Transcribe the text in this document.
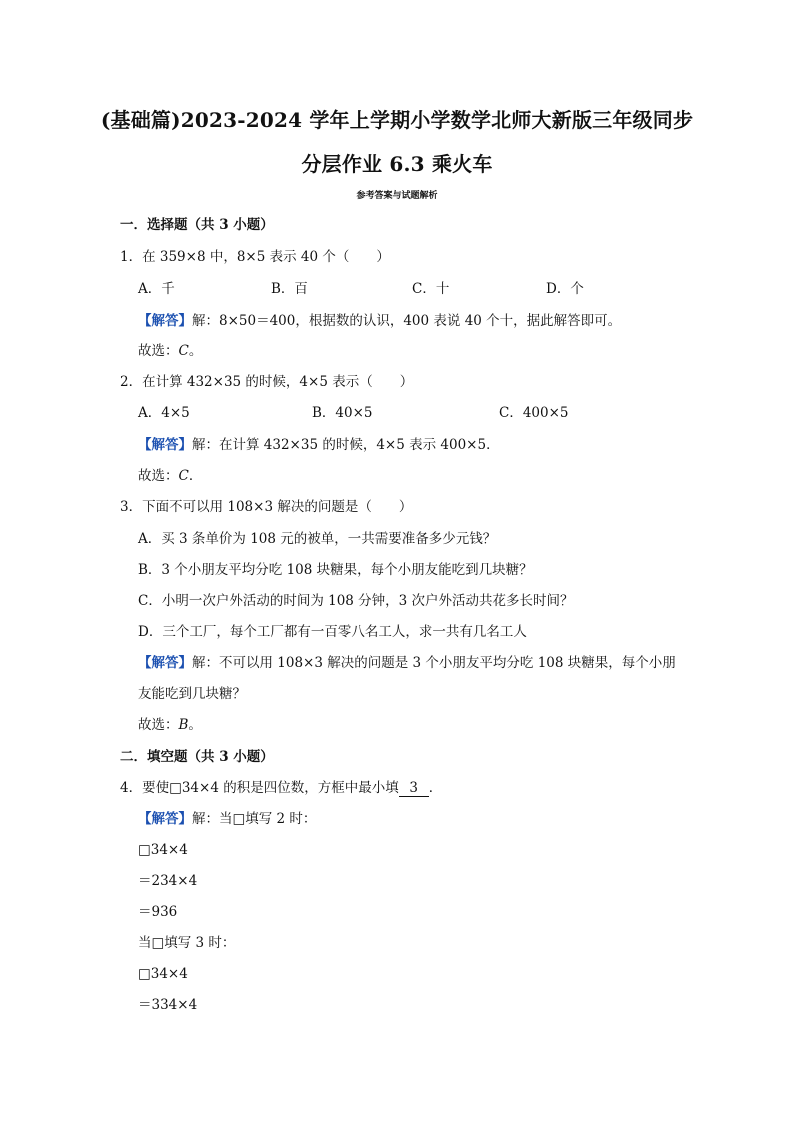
(基础篇)2023-2024 学年上学期小学数学北师大新版三年级同步
分层作业 6.3 乘火车
参考答案与试题解析
一．选择题（共 3 小题）
1．在 359×8 中，8×5 表示 40 个（　　）
A．千	B．百	C．十	D．个
【解答】解：8×50＝400，根据数的认识，400 表说 40 个十，据此解答即可。
故选：C。
2．在计算 432×35 的时候，4×5 表示（　　）
A．4×5	B．40×5	C．400×5
【解答】解：在计算 432×35 的时候，4×5 表示 400×5．
故选：C．
3．下面不可以用 108×3 解决的问题是（　　）
A．买 3 条单价为 108 元的被单，一共需要准备多少元钱？
B．3 个小朋友平均分吃 108 块糖果，每个小朋友能吃到几块糖？
C．小明一次户外活动的时间为 108 分钟，3 次户外活动共花多长时间？
D．三个工厂，每个工厂都有一百零八名工人，求一共有几名工人
【解答】解：不可以用 108×3 解决的问题是 3 个小朋友平均分吃 108 块糖果，每个小朋
友能吃到几块糖？
故选：B。
二．填空题（共 3 小题）
4．要使□34×4 的积是四位数，方框中最小填 3 ．
【解答】解：当□填写 2 时：
□34×4
＝234×4
＝936
当□填写 3 时：
□34×4
＝334×4
